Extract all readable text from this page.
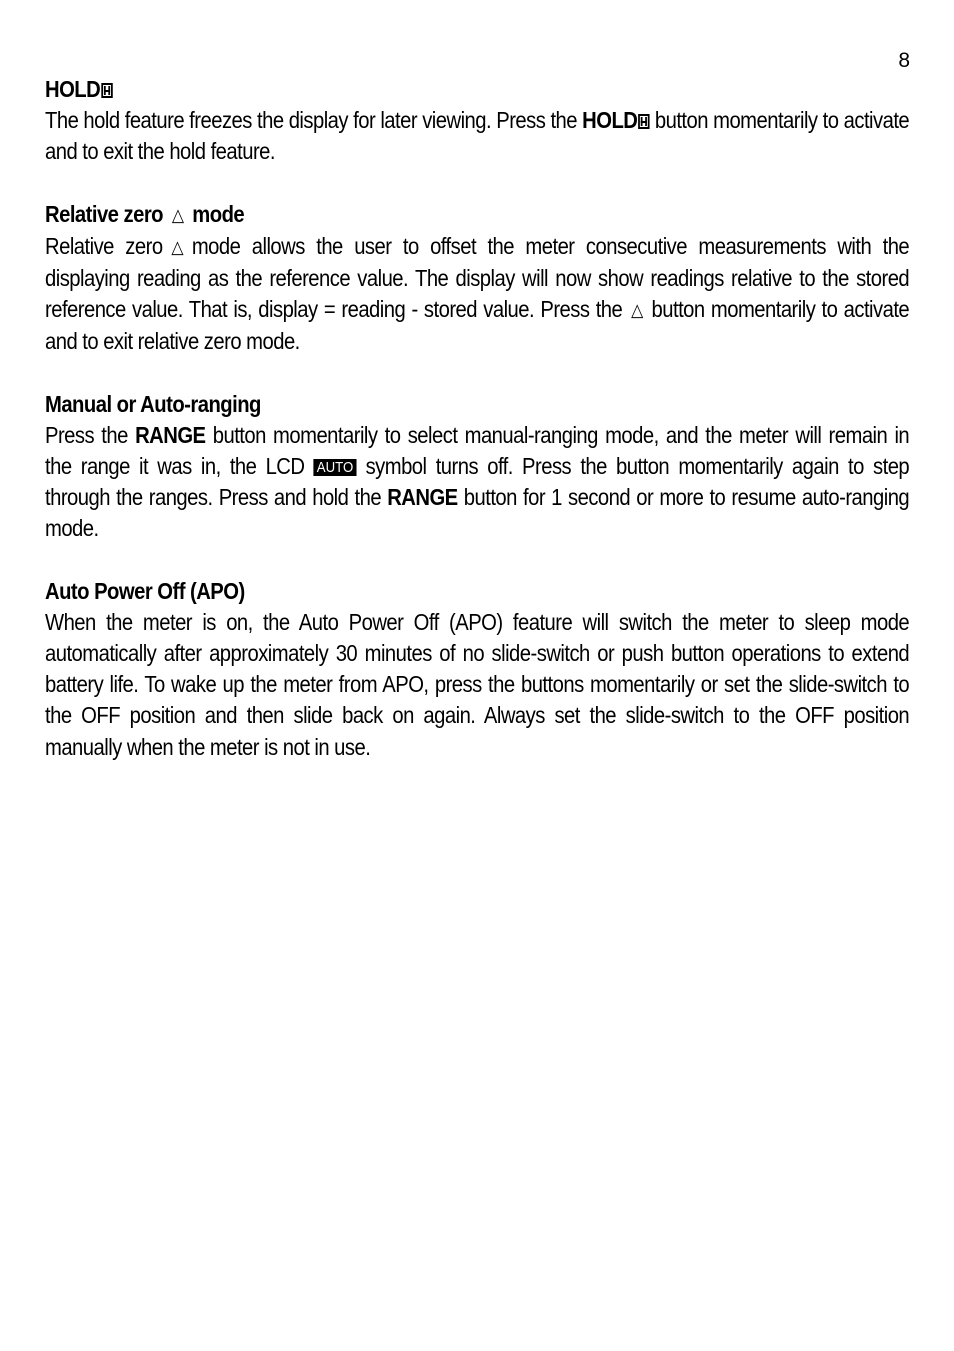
8
HOLD
The hold feature freezes the display for later viewing. Press the HOLD button momentarily to activate and to exit the hold feature.
Relative zero △ mode
Relative zero △ mode allows the user to offset the meter consecutive measurements with the displaying reading as the reference value. The display will now show readings relative to the stored reference value. That is, display = reading - stored value. Press the △ button momentarily to activate and to exit relative zero mode.
Manual or Auto-ranging
Press the RANGE button momentarily to select manual-ranging mode, and the meter will remain in the range it was in, the LCD AUTO symbol turns off. Press the button momentarily again to step through the ranges. Press and hold the RANGE button for 1 second or more to resume auto-ranging mode.
Auto Power Off (APO)
When the meter is on, the Auto Power Off (APO) feature will switch the meter to sleep mode automatically after approximately 30 minutes of no slide-switch or push button operations to extend battery life. To wake up the meter from APO, press the buttons momentarily or set the slide-switch to the OFF position and then slide back on again. Always set the slide-switch to the OFF position manually when the meter is not in use.
